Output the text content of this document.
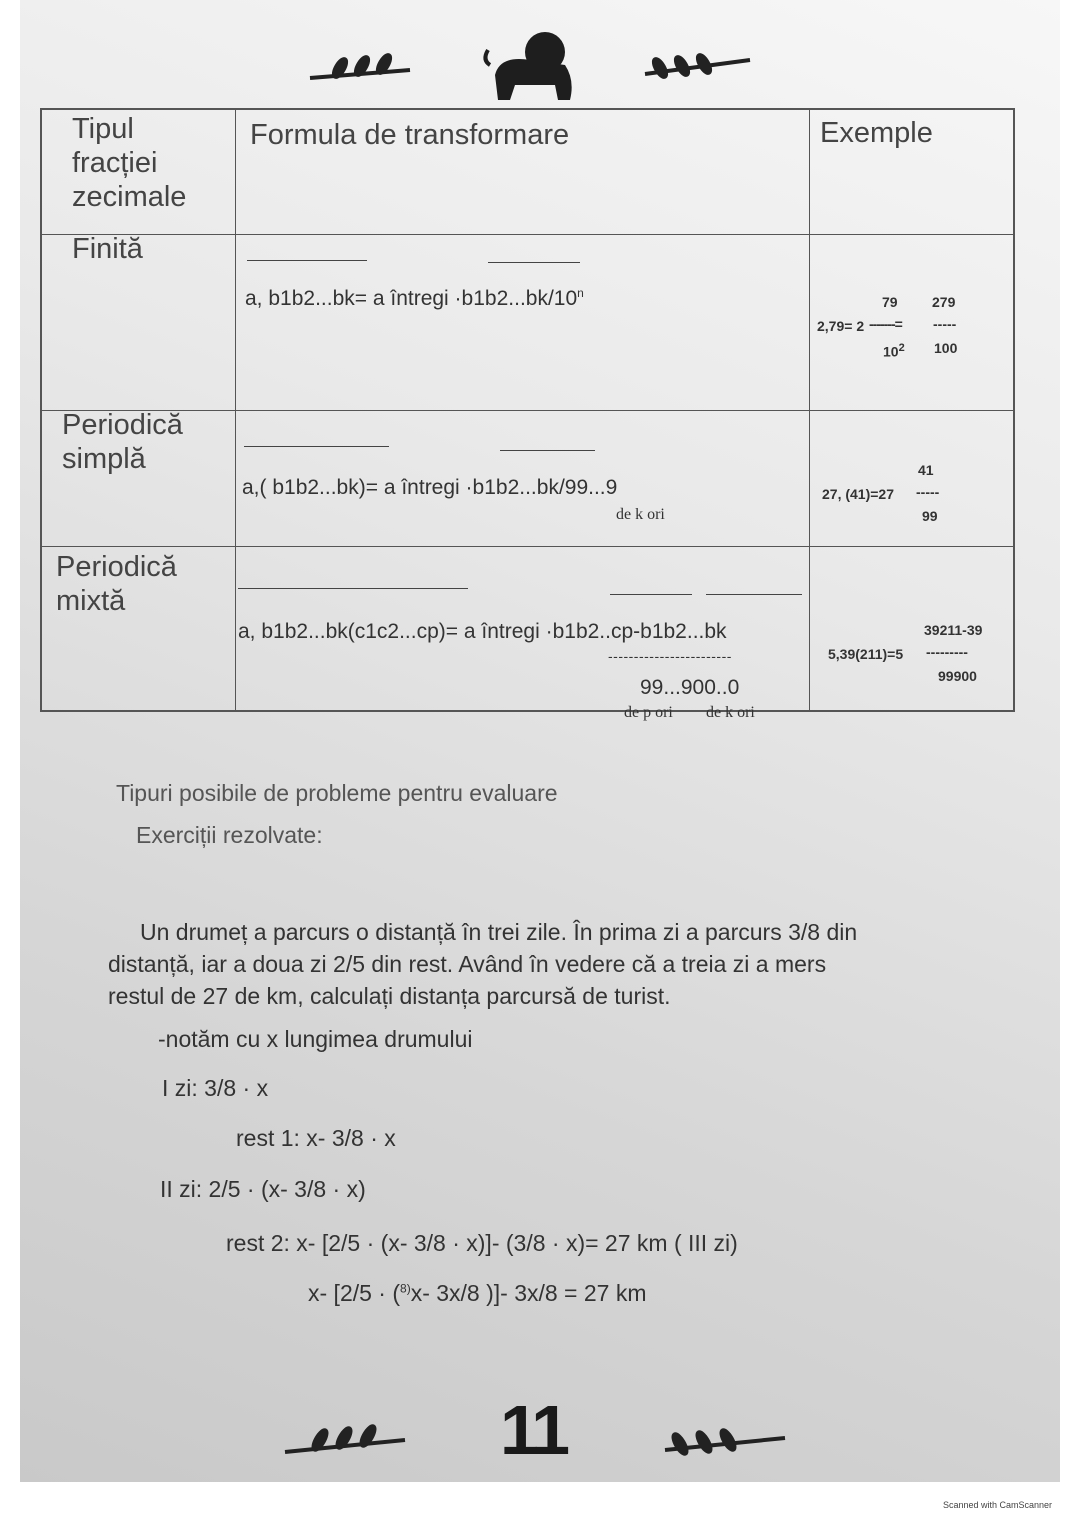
Tipul
fracției
zecimale
Formula de transformare	Exemple
Finită
a, b1b2...bk= a întregi $\cdot b1b2...bk/10^n$
79 279
2,79= 2 -------= -----
$10^2$ 100
Periodică
simplă
a,( b1b2...bk)= a întregi ·b1b2...bk/99...9
de k ori
41
27, (41)=27 -----
99
Periodică
mixtă
a, b1b2...bk(c1c2...cp)= a întregi ·b1b2..cp-b1b2...bk
------------------------
99...900..0
de p ori de k ori
39211-39
5,39(211)=5 ---------
99900
Tipuri posibile de probleme pentru evaluare
Exerciții rezolvate:
Un drumeț a parcurs o distanță în trei zile. În prima zi a parcurs 3/8 din
distanță, iar a doua zi 2/5 din rest. Având în vedere că a treia zi a mers
restul de 27 de km, calculați distanța parcursă de turist.
-notăm cu x lungimea drumului
I zi: 3/8 · x
rest 1: x- 3/8 · x
II zi: 2/5 · (x- 3/8 · x)
rest 2: x- [2/5 · (x- 3/8 · x)]- (3/8 · x)= 27 km ( III zi)
x- [2/5 · ($^{8)}$x- 3x/8 )]- 3x/8 = 27 km
11
Scanned with CamScanner
